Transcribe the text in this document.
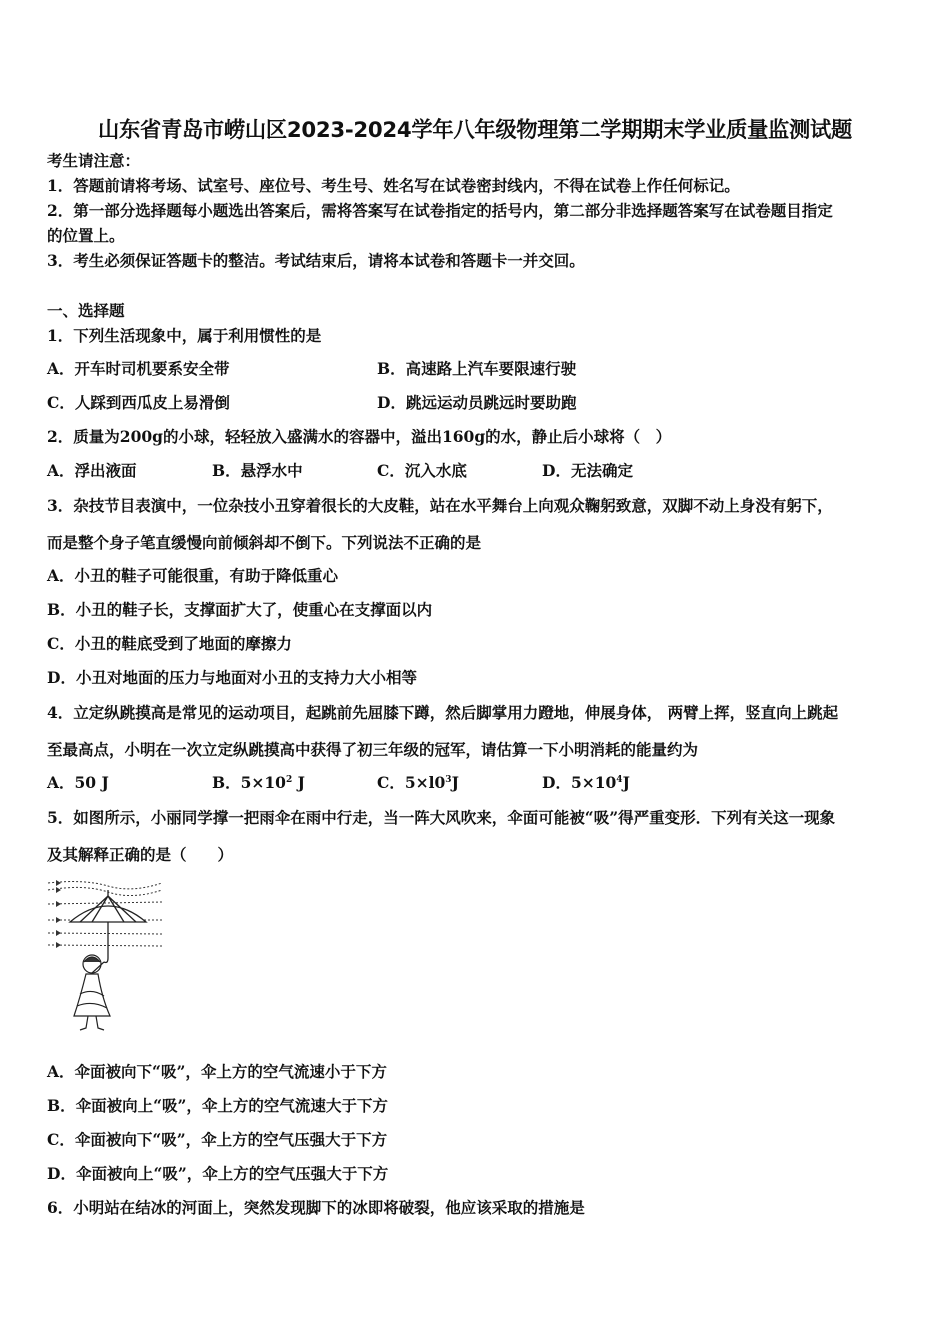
山东省青岛市崂山区2023-2024学年八年级物理第二学期期末学业质量监测试题
考生请注意：
1．答题前请将考场、试室号、座位号、考生号、姓名写在试卷密封线内，不得在试卷上作任何标记。
2．第一部分选择题每小题选出答案后，需将答案写在试卷指定的括号内，第二部分非选择题答案写在试卷题目指定
的位置上。
3．考生必须保证答题卡的整洁。考试结束后，请将本试卷和答题卡一并交回。
一、选择题
1．下列生活现象中，属于利用惯性的是
A．开车时司机要系安全带	B．高速路上汽车要限速行驶
C．人踩到西瓜皮上易滑倒	D．跳远运动员跳远时要助跑
2．质量为200g的小球，轻轻放入盛满水的容器中，溢出160g的水，静止后小球将（　）
A．浮出液面	B．悬浮水中	C．沉入水底	D．无法确定
3．杂技节目表演中，一位杂技小丑穿着很长的大皮鞋，站在水平舞台上向观众鞠躬致意，双脚不动上身没有躬下，
而是整个身子笔直缓慢向前倾斜却不倒下。下列说法不正确的是
A．小丑的鞋子可能很重，有助于降低重心
B．小丑的鞋子长，支撑面扩大了，使重心在支撑面以内
C．小丑的鞋底受到了地面的摩擦力
D．小丑对地面的压力与地面对小丑的支持力大小相等
4．立定纵跳摸高是常见的运动项目，起跳前先屈膝下蹲，然后脚掌用力蹬地，伸展身体， 两臂上挥，竖直向上跳起
至最高点，小明在一次立定纵跳摸高中获得了初三年级的冠军，请估算一下小明消耗的能量约为
A．50 J	B．$5\times 10^2$ J	C．$5\times l0^3J$	D．$5\times 10^4J$
5．如图所示，小丽同学撑一把雨伞在雨中行走，当一阵大风吹来，伞面可能被“吸”得严重变形．下列有关这一现象
及其解释正确的是（　　）
A．伞面被向下“吸”，伞上方的空气流速小于下方
B．伞面被向上“吸”，伞上方的空气流速大于下方
C．伞面被向下“吸”，伞上方的空气压强大于下方
D．伞面被向上“吸”，伞上方的空气压强大于下方
6．小明站在结冰的河面上，突然发现脚下的冰即将破裂，他应该采取的措施是
